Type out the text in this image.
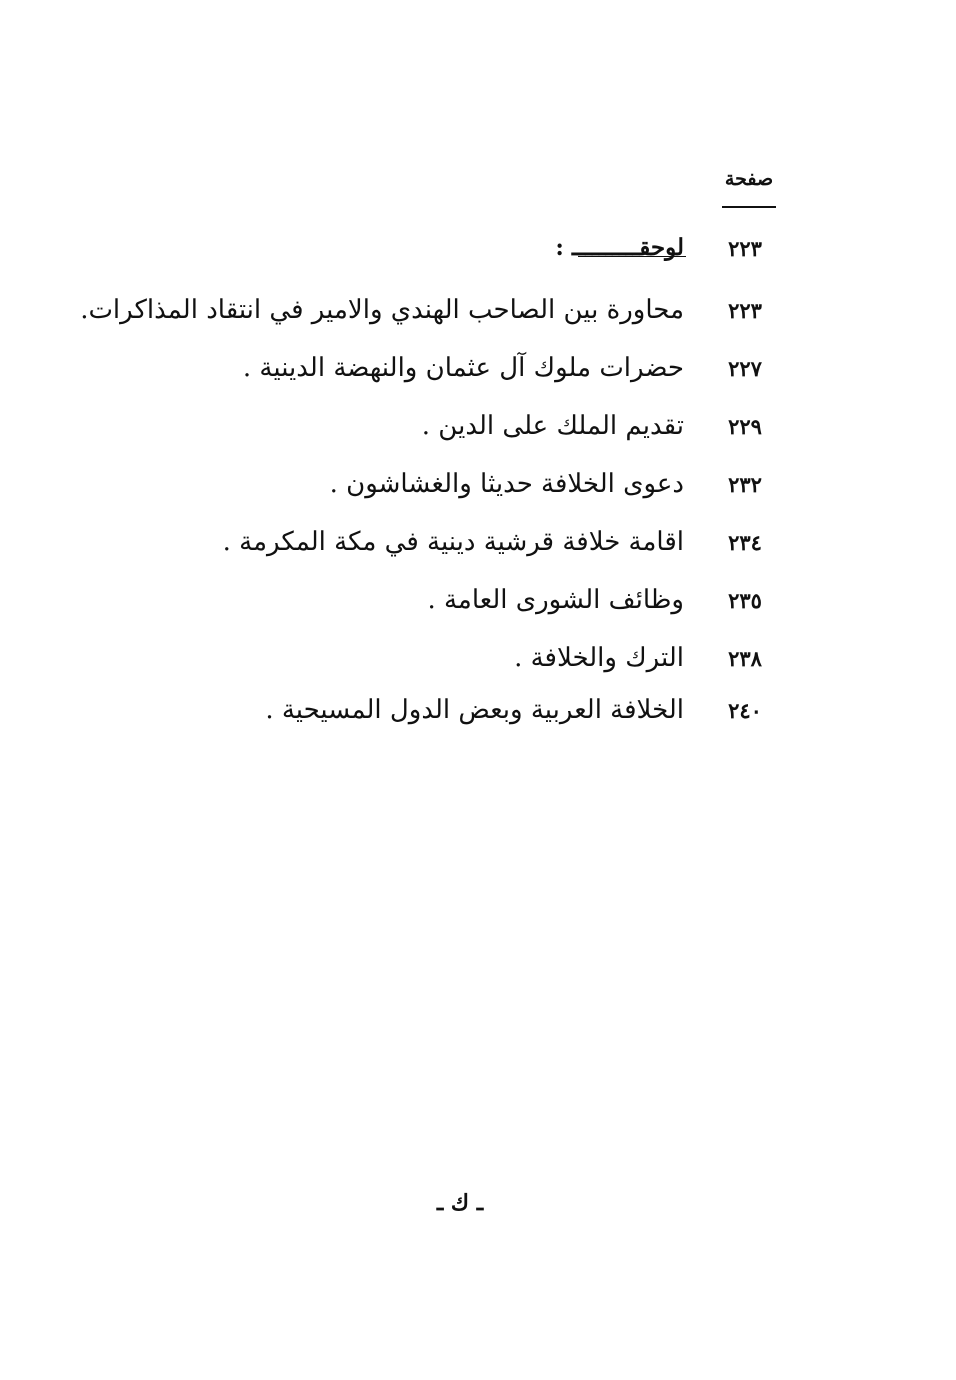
صفحة
٢٢٣
لوحقــــــــــ :
٢٢٣
محاورة بين الصاحب الهندي والامير في انتقاد المذاكرات.
٢٢٧
حضرات ملوك آل عثمان والنهضة الدينية .
٢٢٩
تقديم الملك على الدين .
٢٣٢
دعوى الخلافة حديثا والغشاشون .
٢٣٤
اقامة خلافة قرشية دينية في مكة المكرمة .
٢٣٥
وظائف الشورى العامة .
٢٣٨
الترك والخلافة .
٢٤٠
الخلافة العربية وبعض الدول المسيحية .
ـ ك ـ
